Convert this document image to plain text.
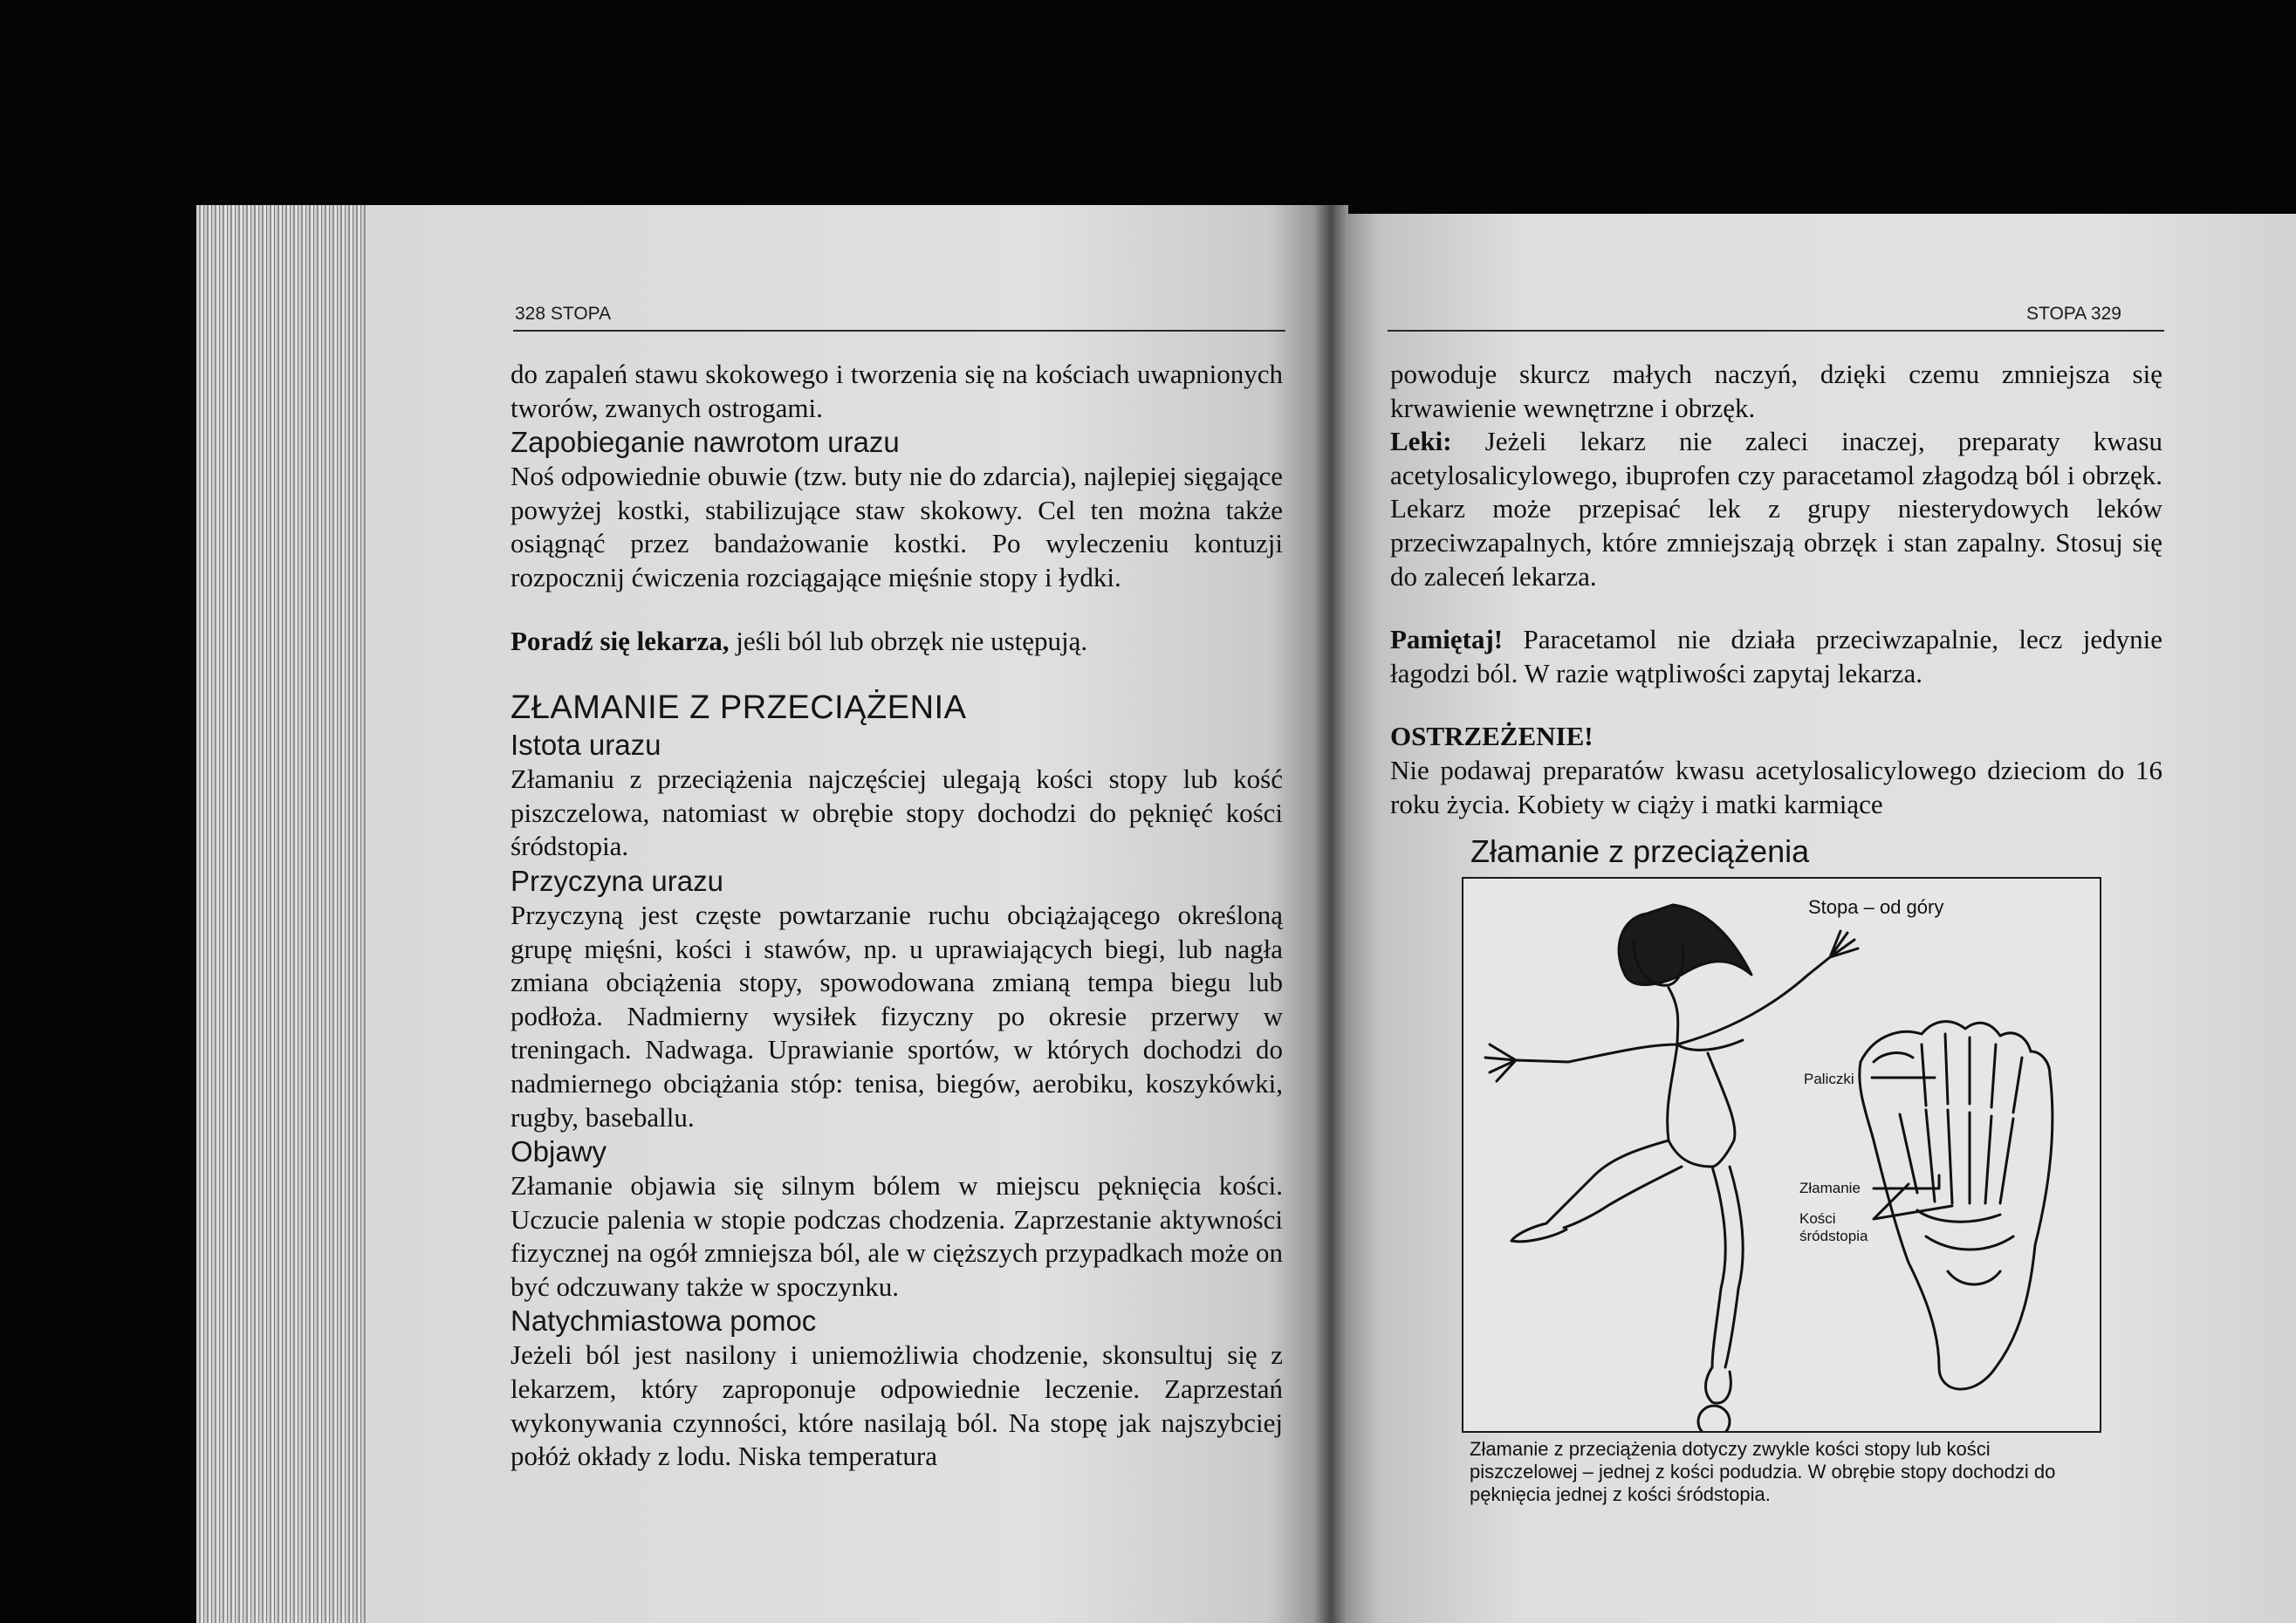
328 STOPA	STOPA 329

do zapaleń stawu skokowego i tworzenia się na kościach uwapnionych tworów, zwanych ostrogami.

Zapobieganie nawrotom urazu

Noś odpowiednie obuwie (tzw. buty nie do zdarcia), najlepiej sięgające powyżej kostki, stabilizujące staw skokowy. Cel ten można także osiągnąć przez bandażowanie kostki. Po wyleczeniu kontuzji rozpocznij ćwiczenia rozciągające mięśnie stopy i łydki.

Poradź się lekarza, jeśli ból lub obrzęk nie ustępują.

ZŁAMANIE Z PRZECIĄŻENIA
Istota urazu

Złamaniu z przeciążenia najczęściej ulegają kości stopy lub kość piszczelowa, natomiast w obrębie stopy dochodzi do pęknięć kości śródstopia.

Przyczyna urazu

Przyczyną jest częste powtarzanie ruchu obciążającego określoną grupę mięśni, kości i stawów, np. u uprawiających biegi, lub nagła zmiana obciążenia stopy, spowodowana zmianą tempa biegu lub podłoża. Nadmierny wysiłek fizyczny po okresie przerwy w treningach. Nadwaga. Uprawianie sportów, w których dochodzi do nadmiernego obciążania stóp: tenisa, biegów, aerobiku, koszykówki, rugby, baseballu.

Objawy

Złamanie objawia się silnym bólem w miejscu pęknięcia kości. Uczucie palenia w stopie podczas chodzenia. Zaprzestanie aktywności fizycznej na ogół zmniejsza ból, ale w cięższych przypadkach może on być odczuwany także w spoczynku.

Natychmiastowa pomoc

Jeżeli ból jest nasilony i uniemożliwia chodzenie, skonsultuj się z lekarzem, który zaproponuje odpowiednie leczenie. Zaprzestań wykonywania czynności, które nasilają ból. Na stopę jak najszybciej połóż okłady z lodu. Niska temperatura

powoduje skurcz małych naczyń, dzięki czemu zmniejsza się krwawienie wewnętrzne i obrzęk.

Leki: Jeżeli lekarz nie zaleci inaczej, preparaty kwasu acetylosalicylowego, ibuprofen czy paracetamol złagodzą ból i obrzęk. Lekarz może przepisać lek z grupy niesterydowych leków przeciwzapalnych, które zmniejszają obrzęk i stan zapalny. Stosuj się do zaleceń lekarza.

Pamiętaj! Paracetamol nie działa przeciwzapalnie, lecz jedynie łagodzi ból. W razie wątpliwości zapytaj lekarza.

OSTRZEŻENIE!

Nie podawaj preparatów kwasu acetylosalicylowego dzieciom do 16 roku życia. Kobiety w ciąży i matki karmiące

Złamanie z przeciążenia
Stopa – od góry
Paliczki
Złamanie
Kości
śródstopia
Złamanie z przeciążenia dotyczy zwykle kości stopy lub kości piszczelowej – jednej z kości podudzia. W obrębie stopy dochodzi do pęknięcia jednej z kości śródstopia.
